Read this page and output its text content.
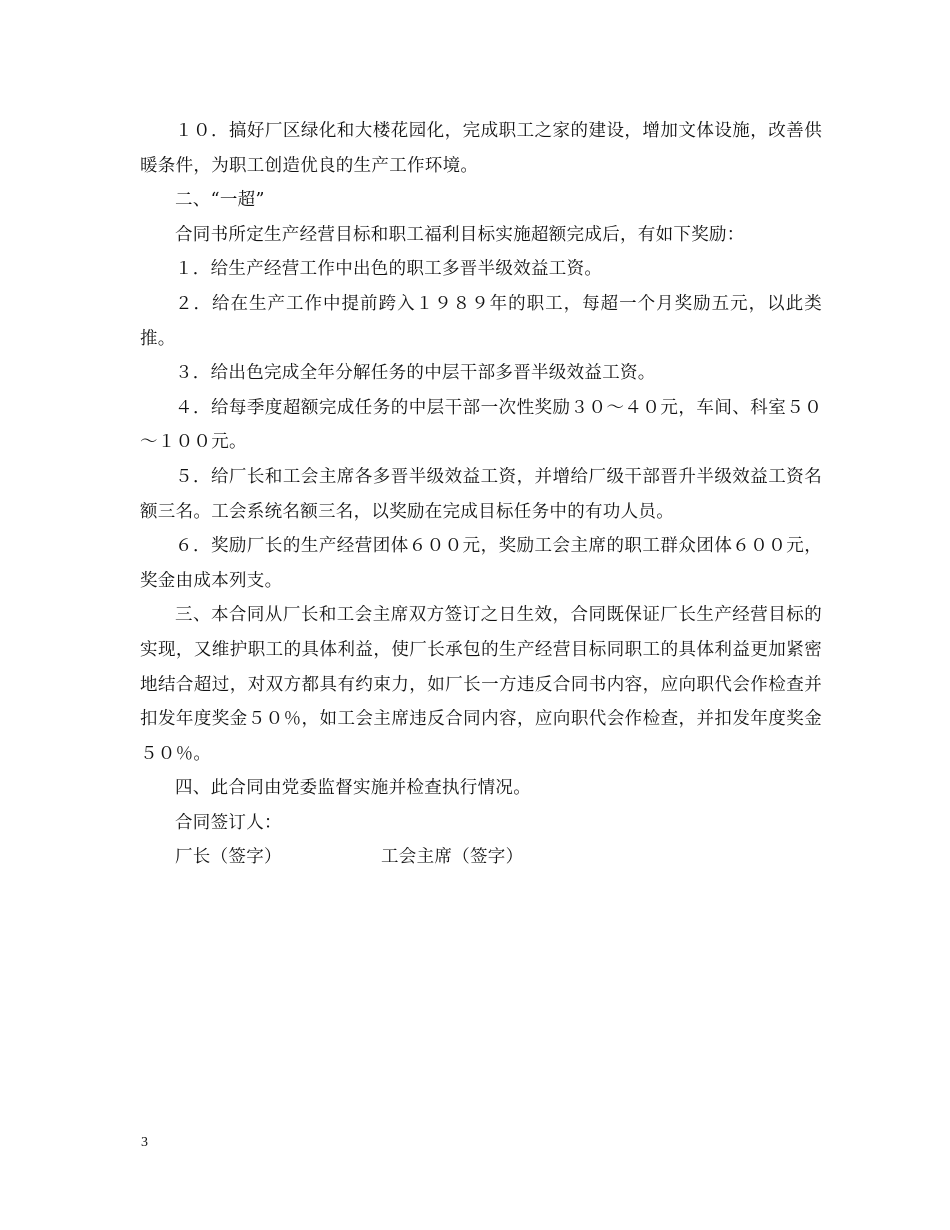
１０．搞好厂区绿化和大楼花园化，完成职工之家的建设，增加文体设施，改善供暖条件，为职工创造优良的生产工作环境。

二、“一超”

合同书所定生产经营目标和职工福利目标实施超额完成后，有如下奖励：

１．给生产经营工作中出色的职工多晋半级效益工资。

２．给在生产工作中提前跨入１９８９年的职工，每超一个月奖励五元，以此类推。

３．给出色完成全年分解任务的中层干部多晋半级效益工资。

４．给每季度超额完成任务的中层干部一次性奖励３０～４０元，车间、科室５０～１００元。

５．给厂长和工会主席各多晋半级效益工资，并增给厂级干部晋升半级效益工资名额三名。工会系统名额三名，以奖励在完成目标任务中的有功人员。

６．奖励厂长的生产经营团体６００元，奖励工会主席的职工群众团体６００元，奖金由成本列支。

三、本合同从厂长和工会主席双方签订之日生效，合同既保证厂长生产经营目标的实现，又维护职工的具体利益，使厂长承包的生产经营目标同职工的具体利益更加紧密地结合超过，对双方都具有约束力，如厂长一方违反合同书内容，应向职代会作检查并扣发年度奖金５０％，如工会主席违反合同内容，应向职代会作检查，并扣发年度奖金５０％。

四、此合同由党委监督实施并检查执行情况。

合同签订人：

厂长（签字）	工会主席（签字）
3
